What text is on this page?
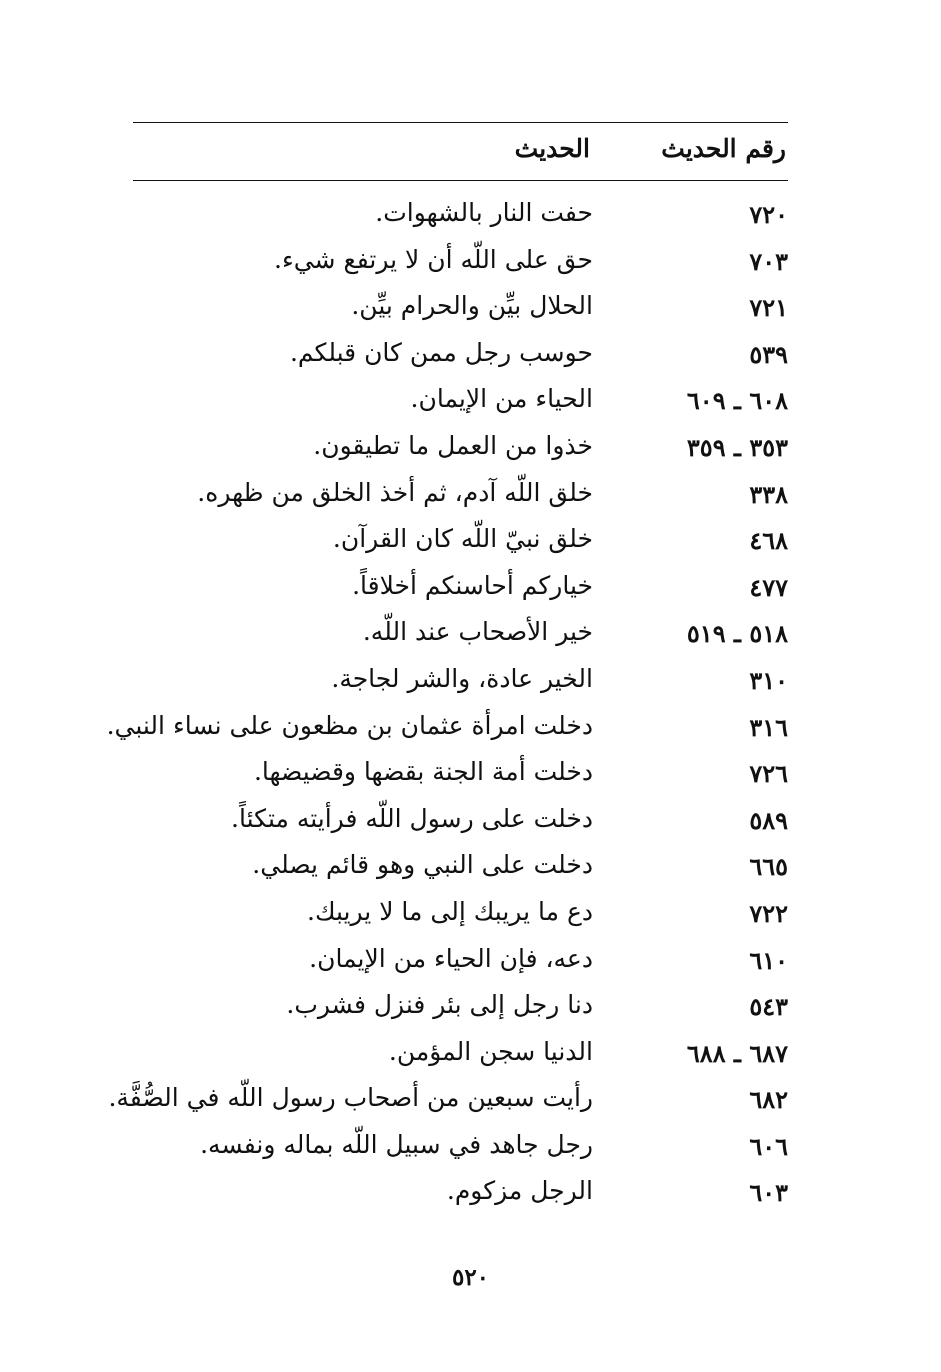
رقم الحديث
الحديث
٧٢٠
حفت النار بالشهوات.
٧٠٣
حق على اللّه أن لا يرتفع شيء.
٧٢١
الحلال بيِّن والحرام بيِّن.
٥٣٩
حوسب رجل ممن كان قبلكم.
٦٠٨ ـ ٦٠٩
الحياء من الإيمان.
٣٥٣ ـ ٣٥٩
خذوا من العمل ما تطيقون.
٣٣٨
خلق اللّه آدم، ثم أخذ الخلق من ظهره.
٤٦٨
خلق نبيّ اللّه كان القرآن.
٤٧٧
خياركم أحاسنكم أخلاقاً.
٥١٨ ـ ٥١٩
خير الأصحاب عند اللّه.
٣١٠
الخير عادة، والشر لجاجة.
٣١٦
دخلت امرأة عثمان بن مظعون على نساء النبي.
٧٢٦
دخلت أمة الجنة بقضها وقضيضها.
٥٨٩
دخلت على رسول اللّه فرأيته متكئاً.
٦٦٥
دخلت على النبي وهو قائم يصلي.
٧٢٢
دع ما يريبك إلى ما لا يريبك.
٦١٠
دعه، فإن الحياء من الإيمان.
٥٤٣
دنا رجل إلى بئر فنزل فشرب.
٦٨٧ ـ ٦٨٨
الدنيا سجن المؤمن.
٦٨٢
رأيت سبعين من أصحاب رسول اللّه في الصُّفَّة.
٦٠٦
رجل جاهد في سبيل اللّه بماله ونفسه.
٦٠٣
الرجل مزكوم.
٥٢٠
